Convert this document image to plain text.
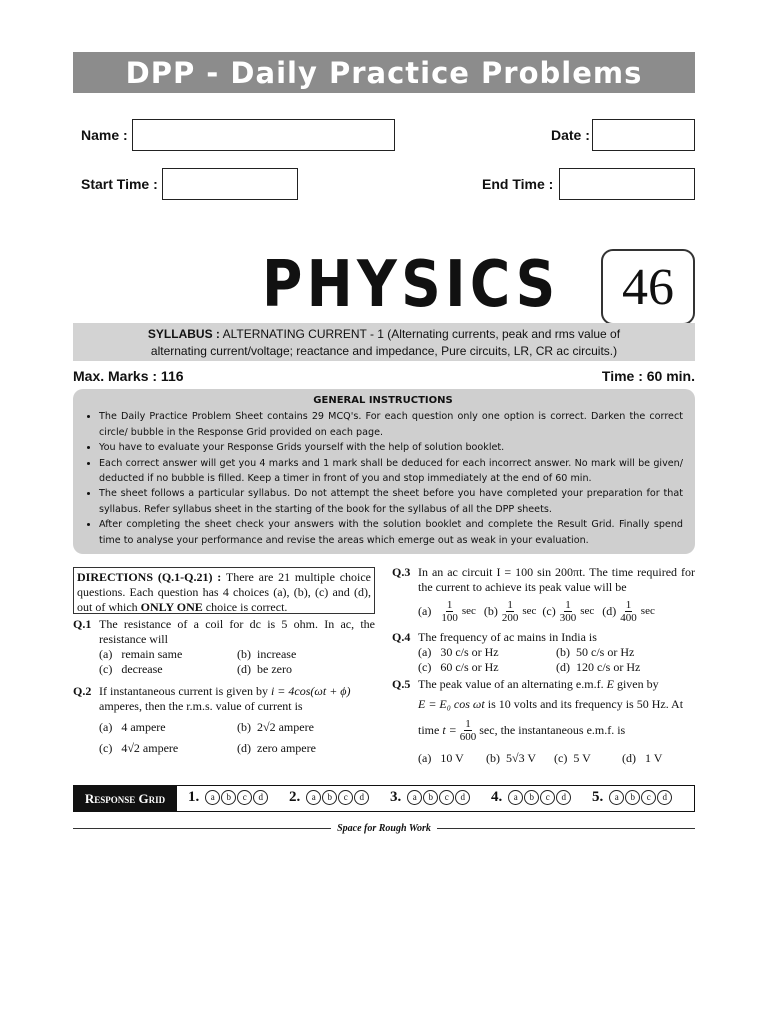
DPP - Daily Practice Problems
Name :	Date :
Start Time :	End Time :
PHYSICS 46
SYLLABUS : ALTERNATING CURRENT - 1 (Alternating currents, peak and rms value of
alternating current/voltage; reactance and impedance, Pure circuits, LR, CR ac circuits.)
Max. Marks : 116	Time : 60 min.
GENERAL INSTRUCTIONS
• The Daily Practice Problem Sheet contains 29 MCQ's. For each question only one option is correct. Darken the correct circle/ bubble in the Response Grid provided on each page.
• You have to evaluate your Response Grids yourself with the help of solution booklet.
• Each correct answer will get you 4 marks and 1 mark shall be deduced for each incorrect answer. No mark will be given/ deducted if no bubble is filled. Keep a timer in front of you and stop immediately at the end of 60 min.
• The sheet follows a particular syllabus. Do not attempt the sheet before you have completed your preparation for that syllabus. Refer syllabus sheet in the starting of the book for the syllabus of all the DPP sheets.
• After completing the sheet check your answers with the solution booklet and complete the Result Grid. Finally spend time to analyse your performance and revise the areas which emerge out as weak in your evaluation.
DIRECTIONS (Q.1-Q.21) : There are 21 multiple choice questions. Each question has 4 choices (a), (b), (c) and (d), out of which ONLY ONE choice is correct.
Q.1 The resistance of a coil for dc is 5 ohm. In ac, the resistance will
(a)   remain same	(b)  increase
(c)   decrease	(d)  be zero
Q.2 If instantaneous current is given by i = 4cos(ωt + ϕ)
amperes, then the r.m.s. value of current is
(a)   4 ampere	(b) 2√2 ampere
(c) 4√2 ampere	(d)  zero ampere
Q.3 In an ac circuit I = 100 sin 200πt. The time required for the current to achieve its peak value will be
$(a) \frac{1}{100}$ $\sec (b) \frac{1}{200}$ $\sec (c) \frac{1}{300}$ $\sec (d) \frac{1}{400}$ sec
Q.4 The frequency of ac mains in India is
(a)   30 c/s or Hz	(b)  50 c/s or Hz
(c)   60 c/s or Hz	(d)  120 c/s or Hz
Q.5 The peak value of an alternating e.m.f. E given by
E = E₀ cos ωt is 10 volts and its frequency is 50 Hz. At
time $t = \frac{1}{600} \sec$, the instantaneous e.m.f. is
(a)   10 V	(b)  5√3 V	(c)  5 V	(d)   1 V
Response Grid	1.	a	b	c	d	2.	a	b	c	d	3.	a	b	c	d	4.	a	b	c	d	5.	a	b	c	d
Space for Rough Work
